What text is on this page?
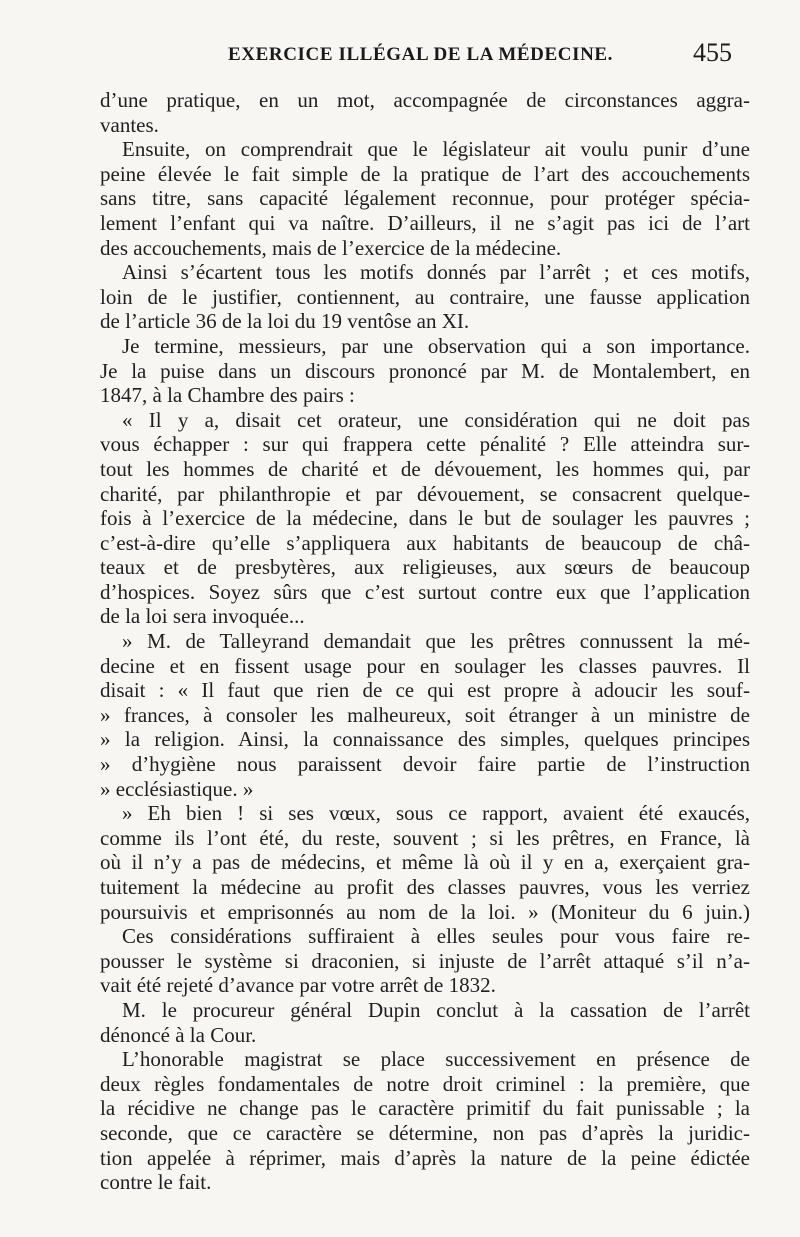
EXERCICE ILLÉGAL DE LA MÉDECINE.	455
d’une pratique, en un mot, accompagnée de circonstances aggra-
vantes.
Ensuite, on comprendrait que le législateur ait voulu punir d’une
peine élevée le fait simple de la pratique de l’art des accouchements
sans titre, sans capacité légalement reconnue, pour protéger spécia-
lement l’enfant qui va naître. D’ailleurs, il ne s’agit pas ici de l’art
des accouchements, mais de l’exercice de la médecine.
Ainsi s’écartent tous les motifs donnés par l’arrêt ; et ces motifs,
loin de le justifier, contiennent, au contraire, une fausse application
de l’article 36 de la loi du 19 ventôse an XI.
Je termine, messieurs, par une observation qui a son importance.
Je la puise dans un discours prononcé par M. de Montalembert, en
1847, à la Chambre des pairs :
« Il y a, disait cet orateur, une considération qui ne doit pas
vous échapper : sur qui frappera cette pénalité ? Elle atteindra sur-
tout les hommes de charité et de dévouement, les hommes qui, par
charité, par philanthropie et par dévouement, se consacrent quelque-
fois à l’exercice de la médecine, dans le but de soulager les pauvres ;
c’est-à-dire qu’elle s’appliquera aux habitants de beaucoup de châ-
teaux et de presbytères, aux religieuses, aux sœurs de beaucoup
d’hospices. Soyez sûrs que c’est surtout contre eux que l’application
de la loi sera invoquée...
» M. de Talleyrand demandait que les prêtres connussent la mé-
decine et en fissent usage pour en soulager les classes pauvres. Il
disait : « Il faut que rien de ce qui est propre à adoucir les souf-
» frances, à consoler les malheureux, soit étranger à un ministre de
» la religion. Ainsi, la connaissance des simples, quelques principes
» d’hygiène nous paraissent devoir faire partie de l’instruction
» ecclésiastique. »
» Eh bien ! si ses vœux, sous ce rapport, avaient été exaucés,
comme ils l’ont été, du reste, souvent ; si les prêtres, en France, là
où il n’y a pas de médecins, et même là où il y en a, exerçaient gra-
tuitement la médecine au profit des classes pauvres, vous les verriez
poursuivis et emprisonnés au nom de la loi. » (Moniteur du 6 juin.)
Ces considérations suffiraient à elles seules pour vous faire re-
pousser le système si draconien, si injuste de l’arrêt attaqué s’il n’a-
vait été rejeté d’avance par votre arrêt de 1832.
M. le procureur général Dupin conclut à la cassation de l’arrêt
dénoncé à la Cour.
L’honorable magistrat se place successivement en présence de
deux règles fondamentales de notre droit criminel : la première, que
la récidive ne change pas le caractère primitif du fait punissable ; la
seconde, que ce caractère se détermine, non pas d’après la juridic-
tion appelée à réprimer, mais d’après la nature de la peine édictée
contre le fait.
